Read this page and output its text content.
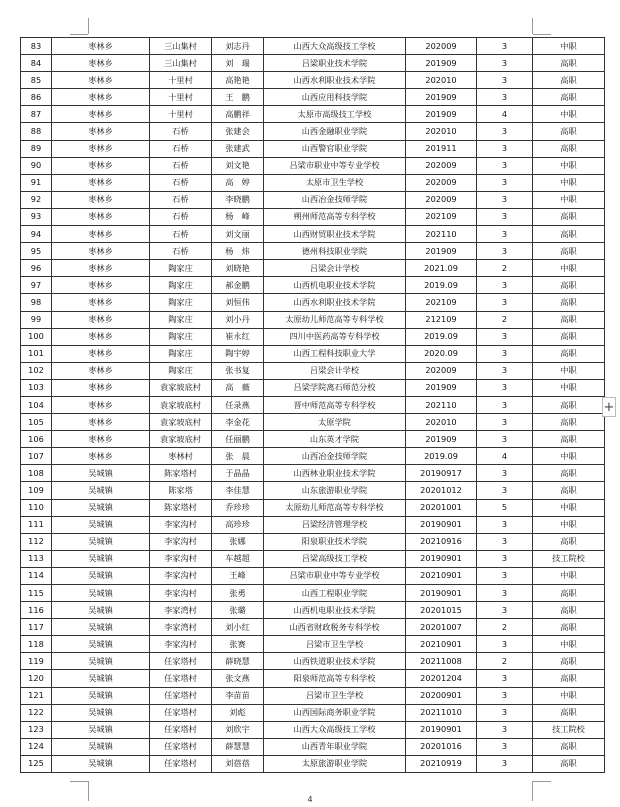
83	枣林乡	三山集村	刘志丹	山西大众高级技工学校	202009	3	中职
84	枣林乡	三山集村	刘　瑞	吕梁职业技术学院	201909	3	高职
85	枣林乡	十里村	高艳艳	山西水利职业技术学院	202010	3	高职
86	枣林乡	十里村	王　鹏	山西应用科技学院	201909	3	高职
87	枣林乡	十里村	高鹏祥	太原市高级技工学校	201909	4	中职
88	枣林乡	石桥	张建会	山西金融职业学院	202010	3	高职
89	枣林乡	石桥	张建武	山西警官职业学院	201911	3	高职
90	枣林乡	石桥	刘文艳	吕梁市职业中等专业学校	202009	3	中职
91	枣林乡	石桥	高　婷	太原市卫生学校	202009	3	中职
92	枣林乡	石桥	李晓鹏	山西冶金技师学院	202009	3	中职
93	枣林乡	石桥	杨　峰	朔州师范高等专科学校	202109	3	高职
94	枣林乡	石桥	刘文丽	山西财贸职业技术学院	202110	3	高职
95	枣林乡	石桥	杨　炜	德州科技职业学院	201909	3	高职
96	枣林乡	陶家庄	刘晓艳	吕梁会计学校	2021.09	2	中职
97	枣林乡	陶家庄	郝金鹏	山西机电职业技术学院	2019.09	3	高职
98	枣林乡	陶家庄	刘恒伟	山西水利职业技术学院	202109	3	高职
99	枣林乡	陶家庄	刘小丹	太原幼儿师范高等专科学校	212109	2	高职
100	枣林乡	陶家庄	崔永红	四川中医药高等专科学校	2019.09	3	高职
101	枣林乡	陶家庄	陶宇婷	山西工程科技职业大学	2020.09	3	高职
102	枣林乡	陶家庄	张书复	吕梁会计学校	202009	3	中职
103	枣林乡	袁家坡底村	高　薇	吕梁学院离石师范分校	201909	3	中职
104	枣林乡	袁家坡底村	任录燕	晋中师范高等专科学校	202110	3	高职
105	枣林乡	袁家坡底村	李金花	太原学院	202010	3	高职
106	枣林乡	袁家坡底村	任丽鹏	山东英才学院	201909	3	高职
107	枣林乡	枣林村	张　晨	山西冶金技师学院	2019.09	4	中职
108	吴城镇	陈家塔村	于晶晶	山西林业职业技术学院	20190917	3	高职
109	吴城镇	陈家塔	李佳慧	山东旅游职业学院	20201012	3	高职
110	吴城镇	陈家塔村	乔珍珍	太原幼儿师范高等专科学校	20201001	5	中职
111	吴城镇	李家沟村	高珍珍	吕梁经济管理学校	20190901	3	中职
112	吴城镇	李家沟村	张娜	阳泉职业技术学院	20210916	3	高职
113	吴城镇	李家沟村	车越超	吕梁高级技工学校	20190901	3	技工院校
114	吴城镇	李家沟村	王峰	吕梁市职业中等专业学校	20210901	3	中职
115	吴城镇	李家沟村	张勇	山西工程职业学院	20190901	3	高职
116	吴城镇	李家湾村	张璐	山西机电职业技术学院	20201015	3	高职
117	吴城镇	李家湾村	刘小红	山西省财政税务专科学校	20201007	2	高职
118	吴城镇	李家沟村	张赛	吕梁市卫生学校	20210901	3	中职
119	吴城镇	任家塔村	薛晓慧	山西铁道职业技术学院	20211008	2	高职
120	吴城镇	任家塔村	张文燕	阳泉师范高等专科学校	20201204	3	高职
121	吴城镇	任家塔村	李苗苗	吕梁市卫生学校	20200901	3	中职
122	吴城镇	任家塔村	刘彪	山西国际商务职业学院	20211010	3	高职
123	吴城镇	任家塔村	刘欣宇	山西大众高级技工学校	20190901	3	技工院校
124	吴城镇	任家塔村	薛慧慧	山西青年职业学院	20201016	3	高职
125	吴城镇	任家塔村	刘蓓蓓	太原旅游职业学院	20210919	3	高职
+
4
